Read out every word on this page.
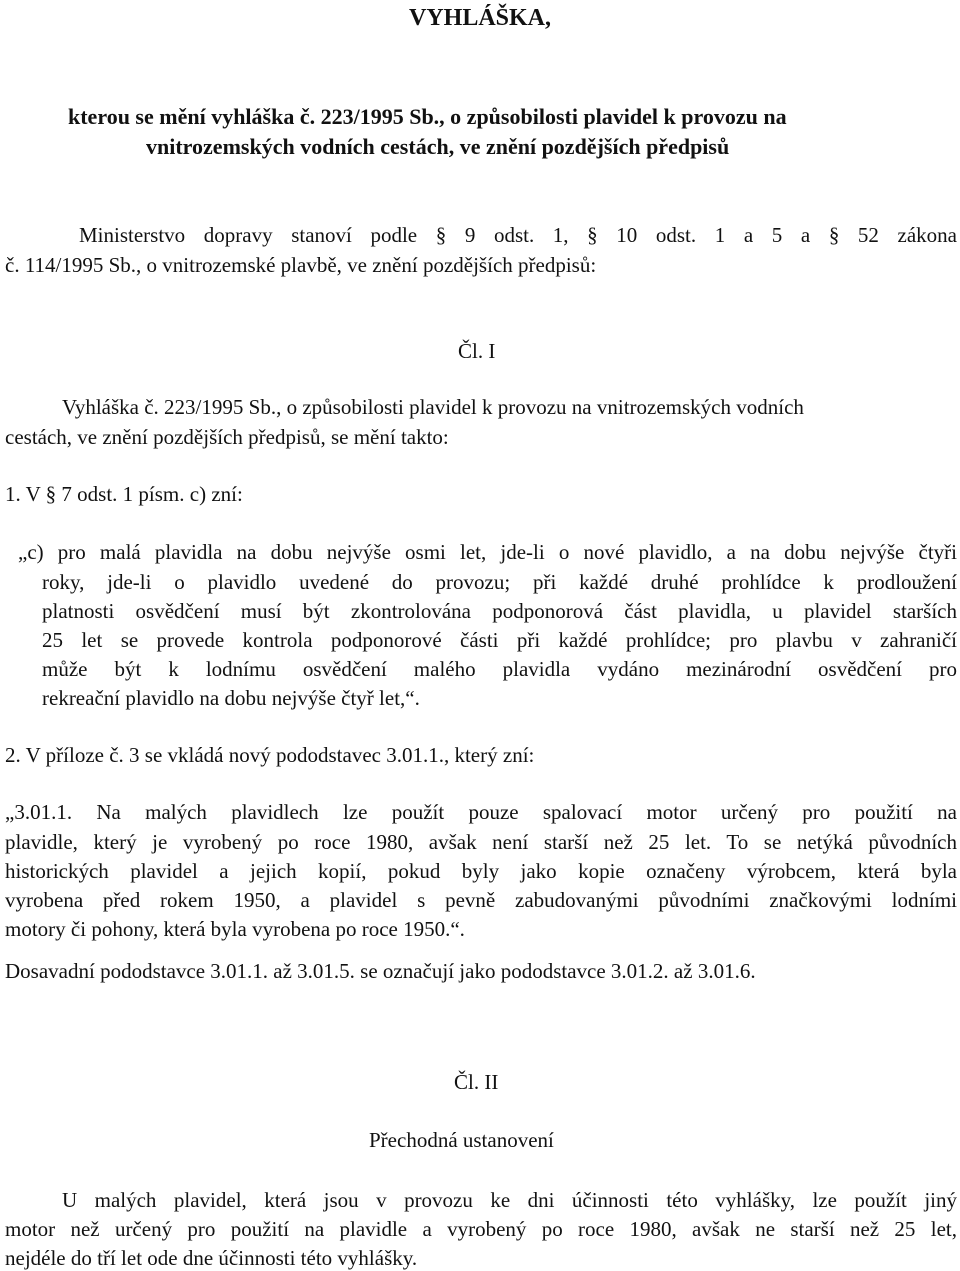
VYHLÁŠKA,
kterou se mění vyhláška č. 223/1995 Sb., o způsobilosti plavidel k provozu na
vnitrozemských vodních cestách, ve znění pozdějších předpisů
Ministerstvo dopravy stanoví podle § 9 odst. 1, § 10 odst. 1 a 5 a § 52 zákona
č. 114/1995 Sb., o vnitrozemské plavbě, ve znění pozdějších předpisů:
Čl. I
Vyhláška č. 223/1995 Sb., o způsobilosti plavidel k provozu na vnitrozemských vodních
cestách, ve znění pozdějších předpisů, se mění takto:
1. V § 7 odst. 1 písm. c) zní:
„c) pro malá plavidla na dobu nejvýše osmi let, jde-li o nové plavidlo, a na dobu nejvýše čtyři
roky, jde-li o plavidlo uvedené do provozu; při každé druhé prohlídce k prodloužení
platnosti osvědčení musí být zkontrolována podponorová část plavidla, u plavidel starších
25 let se provede kontrola podponorové části při každé prohlídce; pro plavbu v zahraničí
může být k lodnímu osvědčení malého plavidla vydáno mezinárodní osvědčení pro
rekreační plavidlo na dobu nejvýše čtyř let,“.
2. V příloze č. 3 se vkládá nový pododstavec 3.01.1., který zní:
„3.01.1. Na malých plavidlech lze použít pouze spalovací motor určený pro použití na
plavidle, který je vyrobený po roce 1980, avšak není starší než 25 let. To se netýká původních
historických plavidel a jejich kopií, pokud byly jako kopie označeny výrobcem, která byla
vyrobena před rokem 1950, a plavidel s pevně zabudovanými původními značkovými lodními
motory či pohony, která byla vyrobena po roce 1950.“.
Dosavadní pododstavce 3.01.1. až 3.01.5. se označují jako pododstavce 3.01.2. až 3.01.6.
Čl. II
Přechodná ustanovení
U malých plavidel, která jsou v provozu ke dni účinnosti této vyhlášky, lze použít jiný
motor než určený pro použití na plavidle a vyrobený po roce 1980, avšak ne starší než 25 let,
nejdéle do tří let ode dne účinnosti této vyhlášky.
